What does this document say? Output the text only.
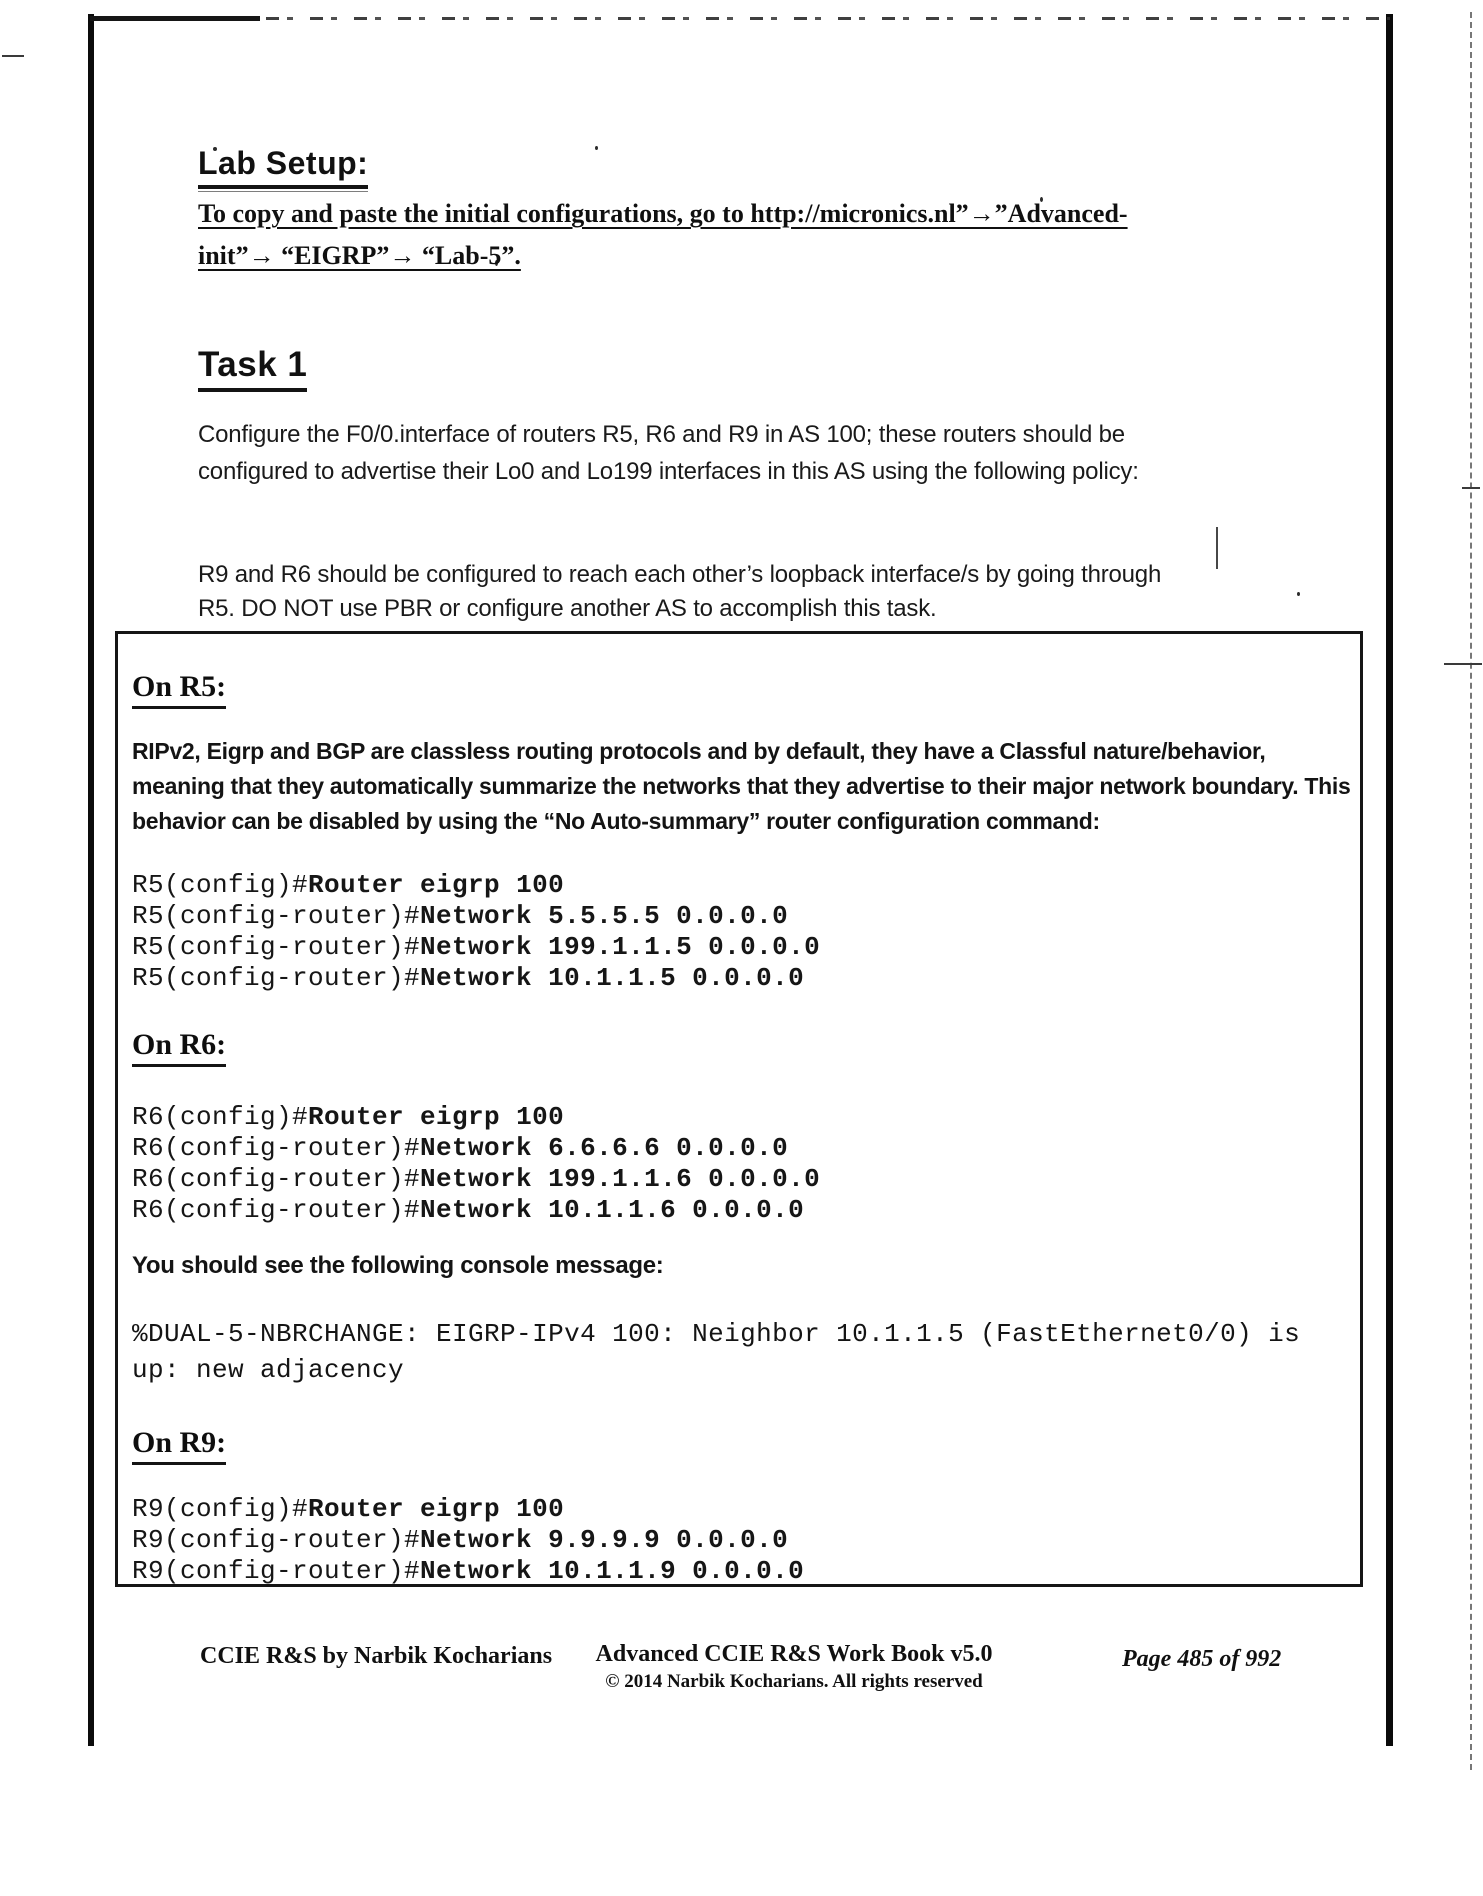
Lab Setup:
To copy and paste the initial configurations, go to http://micronics.nl”→”Advanced-
init”→ “EIGRP”→ “Lab-5”.
Task 1

Configure the F0/0.interface of routers R5, R6 and R9 in AS 100; these routers should be configured to advertise their Lo0 and Lo199 interfaces in this AS using the following policy:

R9 and R6 should be configured to reach each other’s loopback interface/s by going through R5. DO NOT use PBR or configure another AS to accomplish this task.

On R5:

RIPv2, Eigrp and BGP are classless routing protocols and by default, they have a Classful nature/behavior, meaning that they automatically summarize the networks that they advertise to their major network boundary. This behavior can be disabled by using the “No Auto-summary” router configuration command:

R5(config)#Router eigrp 100
R5(config-router)#Network 5.5.5.5 0.0.0.0
R5(config-router)#Network 199.1.1.5 0.0.0.0
R5(config-router)#Network 10.1.1.5 0.0.0.0
On R6:
R6(config)#Router eigrp 100
R6(config-router)#Network 6.6.6.6 0.0.0.0
R6(config-router)#Network 199.1.1.6 0.0.0.0
R6(config-router)#Network 10.1.1.6 0.0.0.0

You should see the following console message:

%DUAL-5-NBRCHANGE: EIGRP-IPv4 100: Neighbor 10.1.1.5 (FastEthernet0/0) is
up: new adjacency
On R9:
R9(config)#Router eigrp 100
R9(config-router)#Network 9.9.9.9 0.0.0.0
R9(config-router)#Network 10.1.1.9 0.0.0.0
CCIE R&S by Narbik Kocharians	Advanced CCIE R&S Work Book v5.0
© 2014 Narbik Kocharians. All rights reserved
Page 485 of 992
